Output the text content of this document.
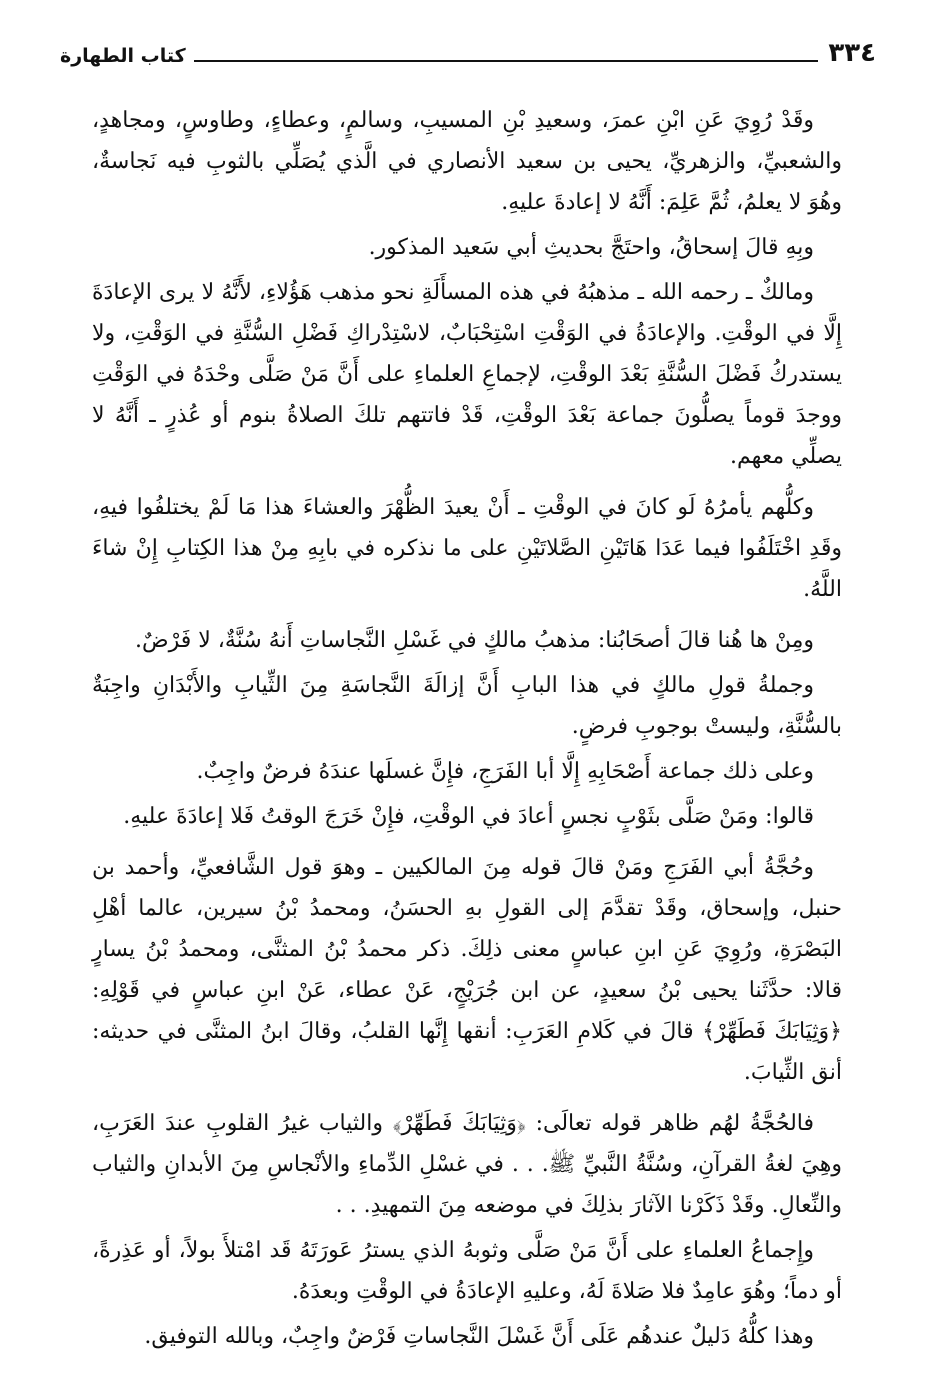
٣٣٤
كتاب الطهارة

وقَدْ رُوِيَ عَنِ ابْنِ عمرَ، وسعيدِ بْنِ المسيبِ، وسالمٍ، وعطاءٍ، وطاوسٍ، ومجاهدٍ، والشعبيِّ، والزهريِّ، يحيى بن سعيد الأنصاري في الَّذي يُصَلِّي بالثوبِ فيه نَجاسةٌ، وهُوَ لا يعلمُ، ثُمَّ عَلِمَ: أَنَّهُ لا إعادةَ عليهِ.

وبِهِ قالَ إسحاقُ، واحتَجَّ بحديثِ أبي سَعيد المذكور.

ومالكٌ ـ رحمه الله ـ مذهبُهُ في هذه المسأَلَةِ نحو مذهب هَؤُلاءِ، لأَنَّهُ لا يرى الإعادَةَ إِلَّا في الوقْتِ. والإعادَةُ في الوَقْتِ اسْتِحْبَابٌ، لاسْتِدْراكِ فَضْلِ السُّنَّةِ في الوَقْتِ، ولا يستدركُ فَضْلَ السُّنَّةِ بَعْدَ الوقْتِ، لإجماعِ العلماءِ على أَنَّ مَنْ صَلَّى وحْدَهُ في الوَقْتِ ووجدَ قوماً يصلُّونَ جماعة بَعْدَ الوقْتِ، قَدْ فاتتهم تلكَ الصلاةُ بنوم أو عُذرٍ ـ أَنَّهُ لا يصلِّي معهم.

وكلُّهم يأمرُهُ لَو كانَ في الوقْتِ ـ أَنْ يعيدَ الظُّهْرَ والعشاءَ هذا مَا لَمْ يختلفُوا فيهِ، وقَدِ اخْتَلَفُوا فيما عَدَا هَاتَيْنِ الصَّلاتَيْنِ على ما نذكره في بابِهِ مِنْ هذا الكِتابِ إِنْ شاءَ اللَّهُ.

ومِنْ ها هُنا قالَ أصحَابُنا: مذهبُ مالكٍ في غَسْلِ النَّجاساتِ أَنهُ سُنَّةٌ، لا فَرْضٌ.

وجملةُ قولِ مالكٍ في هذا البابِ أَنَّ إزالَةَ النَّجاسَةِ مِنَ الثِّيابِ والأَبْدَانِ واجِبَةٌ بالسُّنَّةِ، وليستْ بوجوبِ فرضٍ.

وعلى ذلك جماعة أَصْحَابِهِ إِلَّا أبا الفَرَجِ، فإِنَّ غسلَها عندَهُ فرضٌ واجِبٌ.

قالوا: ومَنْ صَلَّى بثَوْبٍ نجسٍ أعادَ في الوقْتِ، فإِنْ خَرَجَ الوقتُ فَلا إعادَةَ عليهِ.

وحُجَّةُ أبي الفَرَجِ ومَنْ قالَ قوله مِنَ المالكيين ـ وهوَ قول الشَّافعيِّ، وأحمد بن حنبل، وإسحاق، وقَدْ تقدَّمَ إلى القولِ بهِ الحسَنُ، ومحمدُ بْنُ سيرين، عالما أهْلِ البَصْرَةِ، ورُوِيَ عَنِ ابنِ عباسٍ معنى ذلِكَ. ذكر محمدُ بْنُ المثنَّى، ومحمدُ بْنُ يسارٍ قالا: حدَّثَنا يحيى بْنُ سعيدٍ، عن ابن جُرَيْجٍ، عَنْ عطاء، عَنْ ابنِ عباسٍ في قَوْلِهِ: ﴿وَثِيَابَكَ فَطَهِّرْ﴾ قالَ في كَلامِ العَرَبِ: أنقها إِنَّها القلبُ، وقالَ ابنُ المثنَّى في حديثه: أنق الثِّيابَ.

فالحُجَّةُ لهُم ظاهر قوله تعالَى: ﴿وَثِيَابَكَ فَطَهِّرْ﴾ والثياب غيرُ القلوبِ عندَ العَرَبِ، وهِيَ لغةُ القرآنِ، وسُنَّةُ النَّبيِّ ﷺ. . . في غسْلِ الدِّماءِ والأنْجاسِ مِنَ الأبدانِ والثياب والنِّعالِ. وقَدْ ذَكَرْنا الآثارَ بذلِكَ في موضعه مِنَ التمهيدِ. . .

وإِجماعُ العلماءِ على أَنَّ مَنْ صَلَّى وثوبهُ الذي يسترُ عَورَتَهُ قَد امْتلأَ بولاً، أو عَذِرةً، أو دماً؛ وهُوَ عامِدٌ فلا صَلاةَ لَهُ، وعليهِ الإعادَةُ في الوقْتِ وبعدَهُ.

وهذا كلُّهُ دَليلٌ عندهُم عَلَى أَنَّ غَسْلَ النَّجاساتِ فَرْضٌ واجِبٌ، وبالله التوفيق.
